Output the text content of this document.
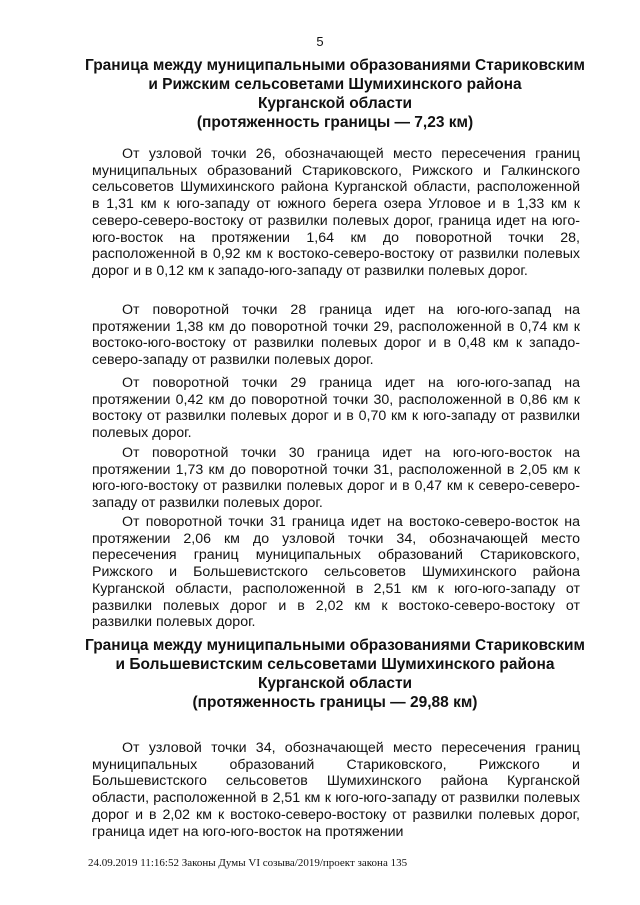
5
Граница между муниципальными образованиями Стариковским
и Рижским сельсоветами Шумихинского района
Курганской области
(протяженность границы — 7,23 км)

От узловой точки 26, обозначающей место пересечения границ муниципальных образований Стариковского, Рижского и Галкинского сельсоветов Шумихинского района Курганской области, расположенной в 1,31 км к юго-западу от южного берега озера Угловое и в 1,33 км к северо-северо-востоку от развилки полевых дорог, граница идет на юго-юго-восток на протяжении 1,64 км до поворотной точки 28, расположенной в 0,92 км к востоко-северо-востоку от развилки полевых дорог и в 0,12 км к западо-юго-западу от развилки полевых дорог.

От поворотной точки 28 граница идет на юго-юго-запад на протяжении 1,38 км до поворотной точки 29, расположенной в 0,74 км к востоко-юго-востоку от развилки полевых дорог и в 0,48 км к западо-северо-западу от развилки полевых дорог.

От поворотной точки 29 граница идет на юго-юго-запад на протяжении 0,42 км до поворотной точки 30, расположенной в 0,86 км к востоку от развилки полевых дорог и в 0,70 км к юго-западу от развилки полевых дорог.

От поворотной точки 30 граница идет на юго-юго-восток на протяжении 1,73 км до поворотной точки 31, расположенной в 2,05 км к юго-юго-востоку от развилки полевых дорог и в 0,47 км к северо-северо-западу от развилки полевых дорог.

От поворотной точки 31 граница идет на востоко-северо-восток на протяжении 2,06 км до узловой точки 34, обозначающей место пересечения границ муниципальных образований Стариковского, Рижского и Большевистского сельсоветов Шумихинского района Курганской области, расположенной в 2,51 км к юго-юго-западу от развилки полевых дорог и в 2,02 км к востоко-северо-востоку от развилки полевых дорог.

Граница между муниципальными образованиями Стариковским
и Большевистским сельсоветами Шумихинского района
Курганской области
(протяженность границы — 29,88 км)

От узловой точки 34, обозначающей место пересечения границ муниципальных образований Стариковского, Рижского и Большевистского сельсоветов Шумихинского района Курганской области, расположенной в 2,51 км к юго-юго-западу от развилки полевых дорог и в 2,02 км к востоко-северо-востоку от развилки полевых дорог, граница идет на юго-юго-восток на протяжении

24.09.2019 11:16:52 Законы Думы VI созыва/2019/проект закона 135
